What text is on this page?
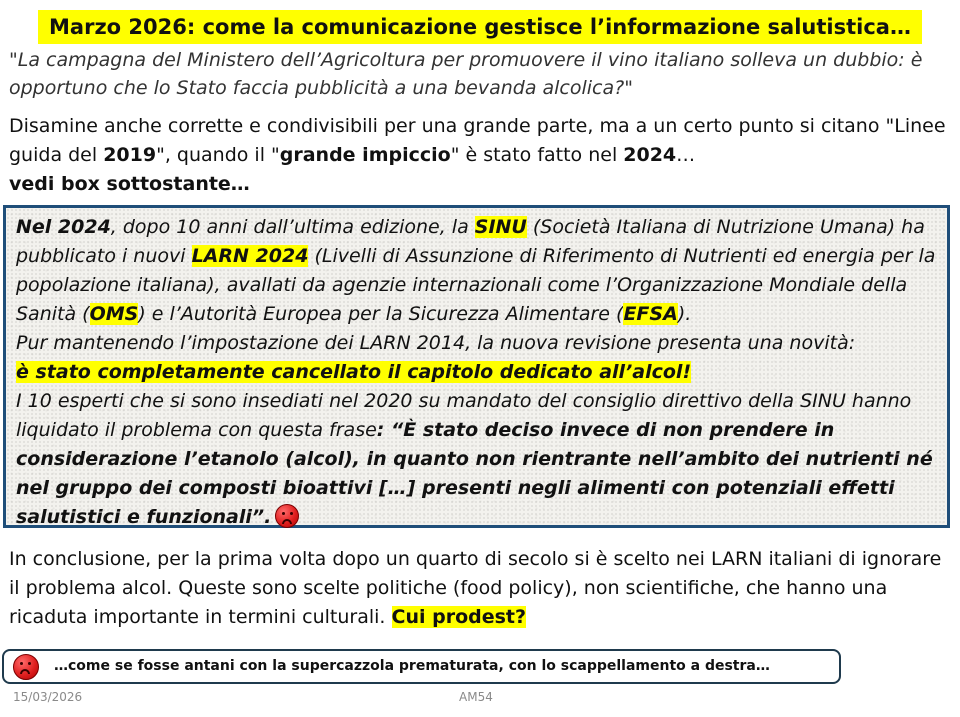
Marzo 2026: come la comunicazione gestisce l’informazione salutistica…
"La campagna del Ministero dell’Agricoltura per promuovere il vino italiano solleva un dubbio: è opportuno che lo Stato faccia pubblicità a una bevanda alcolica?"
Disamine anche corrette e condivisibili per una grande parte, ma a un certo punto si citano "Linee guida del 2019", quando il "grande impiccio" è stato fatto nel 2024…
vedi box sottostante…
Nel 2024, dopo 10 anni dall’ultima edizione, la SINU (Società Italiana di Nutrizione Umana) ha pubblicato i nuovi LARN 2024 (Livelli di Assunzione di Riferimento di Nutrienti ed energia per la popolazione italiana), avallati da agenzie internazionali come l’Organizzazione Mondiale della Sanità (OMS) e l’Autorità Europea per la Sicurezza Alimentare (EFSA).
Pur mantenendo l’impostazione dei LARN 2014, la nuova revisione presenta una novità:
è stato completamente cancellato il capitolo dedicato all’alcol!
I 10 esperti che si sono insediati nel 2020 su mandato del consiglio direttivo della SINU hanno liquidato il problema con questa frase: “È stato deciso invece di non prendere in considerazione l’etanolo (alcol), in quanto non rientrante nell’ambito dei nutrienti né nel gruppo dei composti bioattivi […] presenti negli alimenti con potenziali effetti salutistici e funzionali”.
In conclusione, per la prima volta dopo un quarto di secolo si è scelto nei LARN italiani di ignorare il problema alcol. Queste sono scelte politiche (food policy), non scientifiche, che hanno una ricaduta importante in termini culturali. Cui prodest?
…come se fosse antani con la supercazzola prematurata, con lo scappellamento a destra…
15/03/2026	AM54
